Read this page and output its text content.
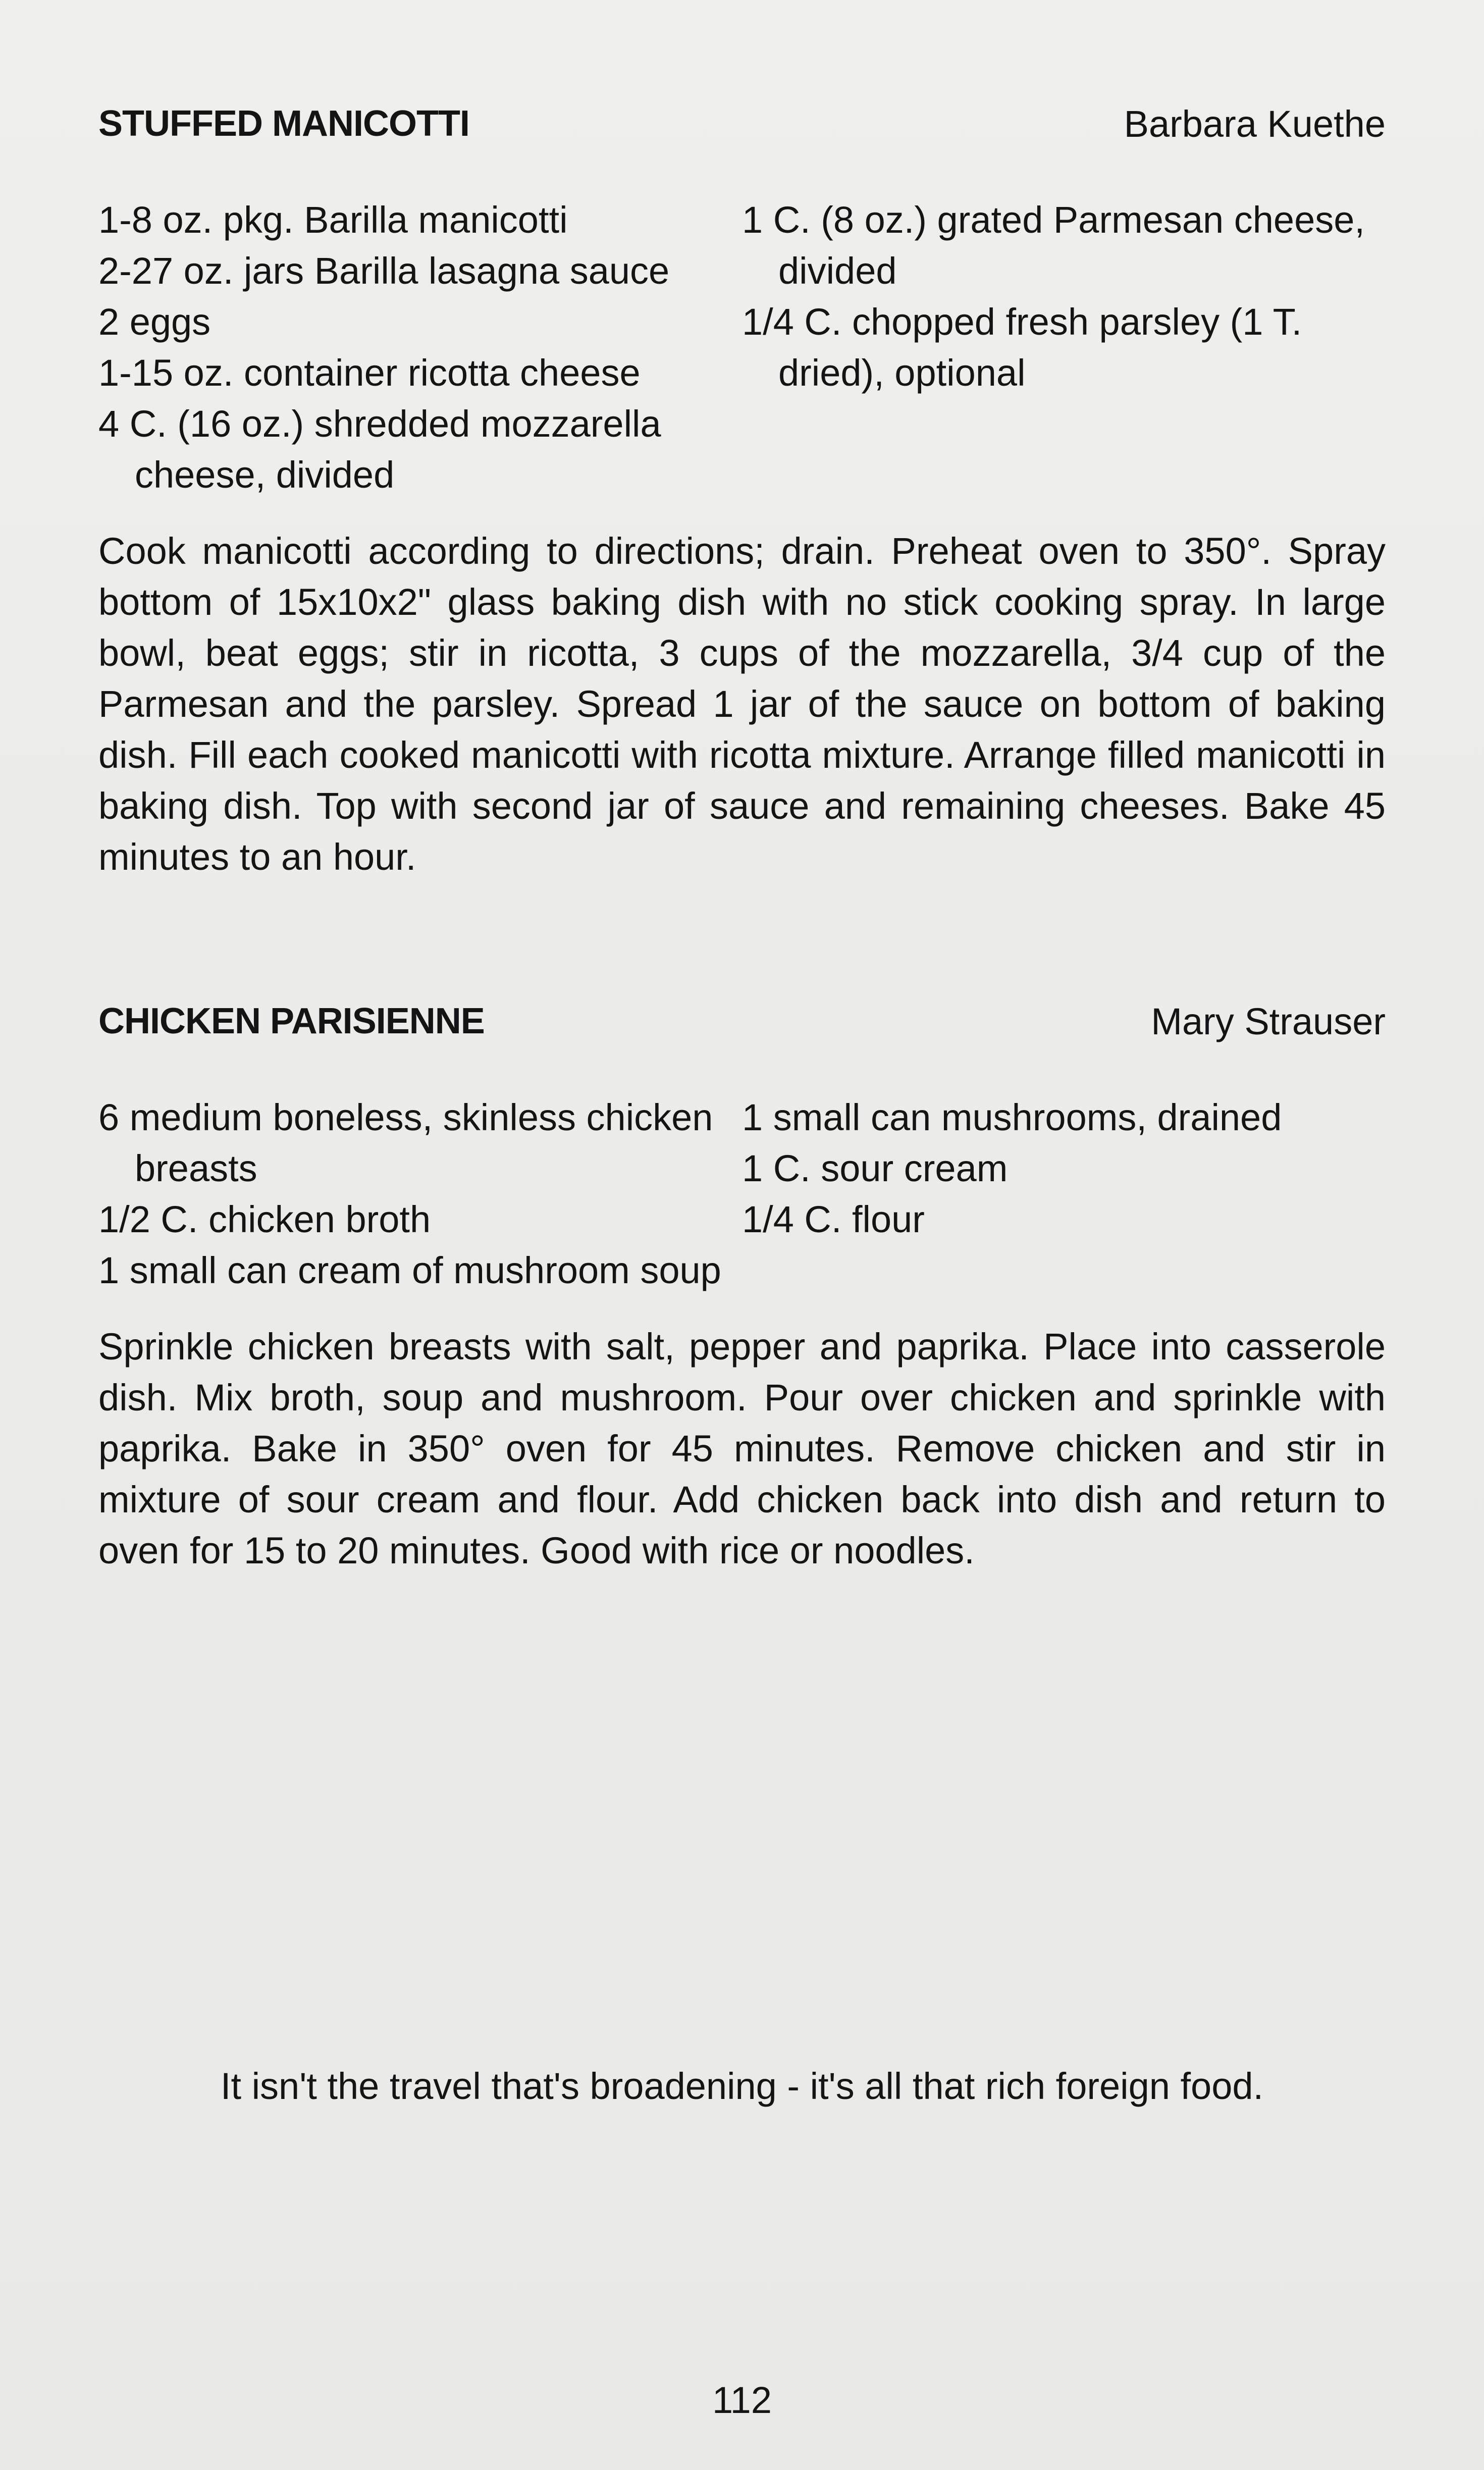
STUFFED MANICOTTI	Barbara Kuethe
1-8 oz. pkg. Barilla manicotti
2-27 oz. jars Barilla lasagna sauce
2 eggs
1-15 oz. container ricotta cheese
4 C. (16 oz.) shredded mozzarella cheese, divided
1 C. (8 oz.) grated Parmesan cheese, divided
1/4 C. chopped fresh parsley (1 T. dried), optional

Cook manicotti according to directions; drain. Preheat oven to 350°. Spray bottom of 15x10x2" glass baking dish with no stick cooking spray. In large bowl, beat eggs; stir in ricotta, 3 cups of the mozzarella, 3/4 cup of the Parmesan and the parsley. Spread 1 jar of the sauce on bottom of baking dish. Fill each cooked manicotti with ricotta mixture. Arrange filled manicotti in baking dish. Top with second jar of sauce and remaining cheeses. Bake 45 minutes to an hour.

CHICKEN PARISIENNE	Mary Strauser
6 medium boneless, skinless chicken breasts
1/2 C. chicken broth
1 small can cream of mushroom soup
1 small can mushrooms, drained
1 C. sour cream
1/4 C. flour

Sprinkle chicken breasts with salt, pepper and paprika. Place into casserole dish. Mix broth, soup and mushroom. Pour over chicken and sprinkle with paprika. Bake in 350° oven for 45 minutes. Remove chicken and stir in mixture of sour cream and flour. Add chicken back into dish and return to oven for 15 to 20 minutes. Good with rice or noodles.

It isn't the travel that's broadening - it's all that rich foreign food.
112
